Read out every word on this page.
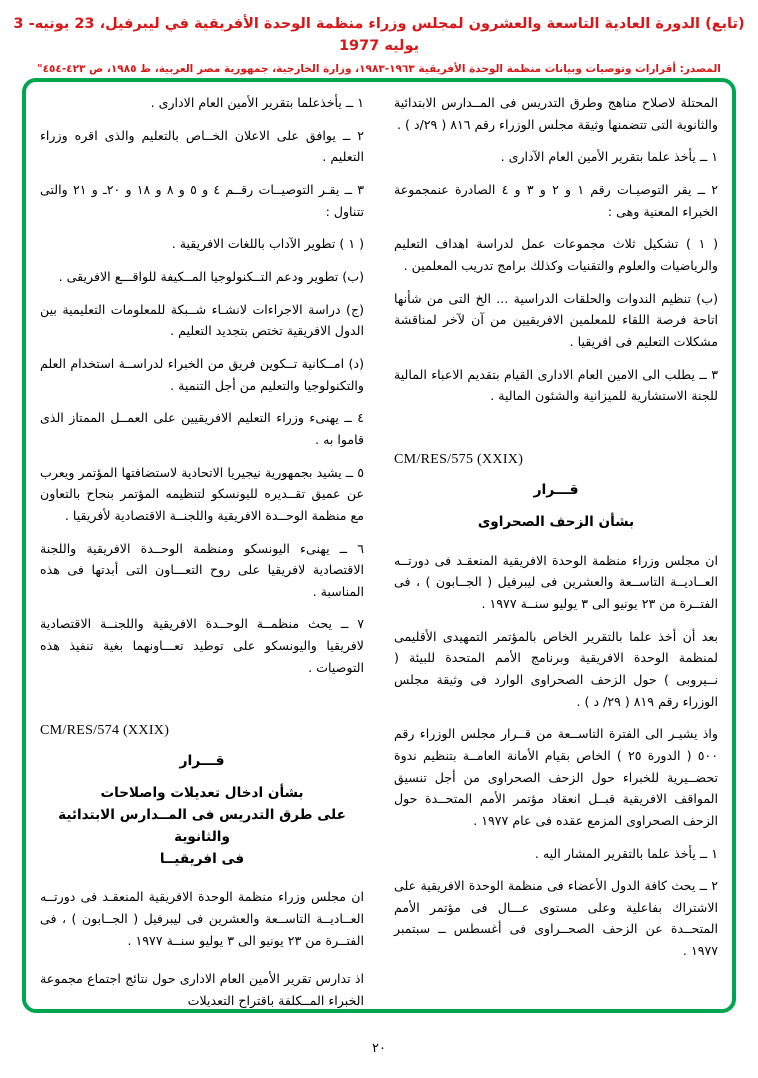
(تابع) الدورة العادية التاسعة والعشرون لمجلس وزراء منظمة الوحدة الأفريقية في ليبرفيل، 23 يونيه- 3 يوليه 1977
المصدر: أقرارات وتوصيات وبيانات منظمة الوحدة الأفريقية ١٩٦٣-١٩٨٣، وزارة الخارجية، جمهورية مصر العربية، ط ١٩٨٥، ص ٤٢٣-٤٥٤"

المحتلة لاصلاح مناهج وطرق التدريس فى المــدارس الابتدائية والثانوية التى تتضمنها وثيقة مجلس الوزراء رقم ٨١٦ ( ٢٩/د ) .

١ ــ يأخذ علما بتقرير الأمين العام الآدارى .

٢ ــ يقر التوصيـات رقم ١ و ٢ و ٣ و ٤ الصادرة عنمجموعة الخبراء المعنية وهى :

( ١ ) تشكيل ثلاث مجموعات عمل لدراسة اهداف التعليم والرياضيات والعلوم والتقنيات وكذلك برامج تدريب المعلمين .

(ب) تنظيم الندوات والحلقات الدراسية ... الخ التى من شأنها اتاحة فرصة اللقاء للمعلمين الافريقيين من آن لآخر لمناقشة مشكلات التعليم فى افريقيا .

٣ ــ يطلب الى الامين العام الادارى القيام بتقديم الاعباء المالية للجنة الاستشارية للميزانية والشئون المالية .

CM/RES/575 (XXIX)
قـــرار
بشأن الزحف الصحراوى

ان مجلس وزراء منظمة الوحدة الافريقية المنعقـد فى دورتــه العــاديــة التاســعة والعشرين فى ليبرفيل ( الجــابون ) ، فى الفتــرة من ٢٣ يونيو الى ٣ يوليو سنــة ١٩٧٧ .

بعد أن أخذ علما بالتقرير الخاص بالمؤتمر التمهيدى الأقليمى لمنظمة الوحدة الافريقية وبرنامج الأمم المتحدة للبيئة ( نــيروبى ) حول الزحف الصحراوى الوارد فى وثيقة مجلس الوزراء رقم ٨١٩ ( ٢٩/ د ) .

واذ يشيـر الى الفترة التاســعة من قــرار مجلس الوزراء رقم ٥٠٠ ( الدورة ٢٥ ) الخاص بقيام الأمانة العامــة بتنظيم ندوة تحضــيرية للخبراء حول الزحف الصحراوى من أجل تنسيق المواقف الافريقية قبــل انعقاد مؤتمر الأمم المتحــدة حول الزحف الصحراوى المزمع عقده فى عام ١٩٧٧ .

١ ــ يأخذ علما بالتقرير المشار اليه .

٢ ــ يحث كافة الدول الأعضاء فى منظمة الوحدة الافريقية على الاشتراك بفاعلية وعلى مستوى عـــال فى مؤتمر الأمم المتحــدة عن الزحف الصحــراوى فى أغسطس ــ سبتمبر ١٩٧٧ .

١ ــ يأخذعلما بتقرير الأمين العام الادارى .

٢ ــ يوافق على الاعلان الخــاص بالتعليم والذى اقره وزراء التعليم .

٣ ــ يقـر التوصيــات رقــم ٤ و ٥ و ٨ و ١٨ و ٢٠ـ و ٢١ والتى تتناول :

( ١ ) تطوير الآداب باللغات الافريقية .

(ب) تطوير ودعم التــكنولوجيا المــكيفة للواقـــع الافريقى .

(ج) دراسة الاجراءات لانشـاء شــبكة للمعلومات التعليمية بين الدول الافريقية تختص بتجديد التعليم .

(د) امــكانية تــكوين فريق من الخبراء لدراســة استخدام العلم والتكنولوجيا والتعليم من أجل التنمية .

٤ ــ يهنىء وزراء التعليم الافريقيين على العمــل الممتاز الذى قاموا به .

٥ ــ يشيد بجمهورية نيجيريا الاتحادية لاستضافتها المؤتمر ويعرب عن عميق تقــديره لليونسكو لتنظيمه المؤتمر بنجاح بالتعاون مع منظمة الوحــدة الافريقية واللجنــة الاقتصادية لأفريقيا .

٦ ــ يهنىء اليونسكو ومنظمة الوحــدة الافريقية واللجنة الاقتصادية لافريقيا على روح التعـــاون التى أبدتها فى هذه المناسبة .

٧ ــ يحث منظمــة الوحــدة الافريقية واللجنــة الاقتصادية لافريقيا واليونسكو على توطيد تعـــاونهما بغية تنفيذ هذه التوصيات .

CM/RES/574 (XXIX)
قـــرار
بشأن ادخال تعديلات واصلاحات
على طرق التدريس فى المــدارس الابتدائية والثانوية
فى افريقيــا

ان مجلس وزراء منظمة الوحدة الافريقية المنعقـد فى دورتــه العــاديــة التاســعة والعشرين فى ليبرفيل ( الجــابون ) ، فى الفتــرة من ٢٣ يونيو الى ٣ يوليو سنــة ١٩٧٧ .

اذ تدارس تقرير الأمين العام الادارى حول نتائج اجتماع مجموعة الخبراء المــكلفة باقتراح التعديلات

٢٠
